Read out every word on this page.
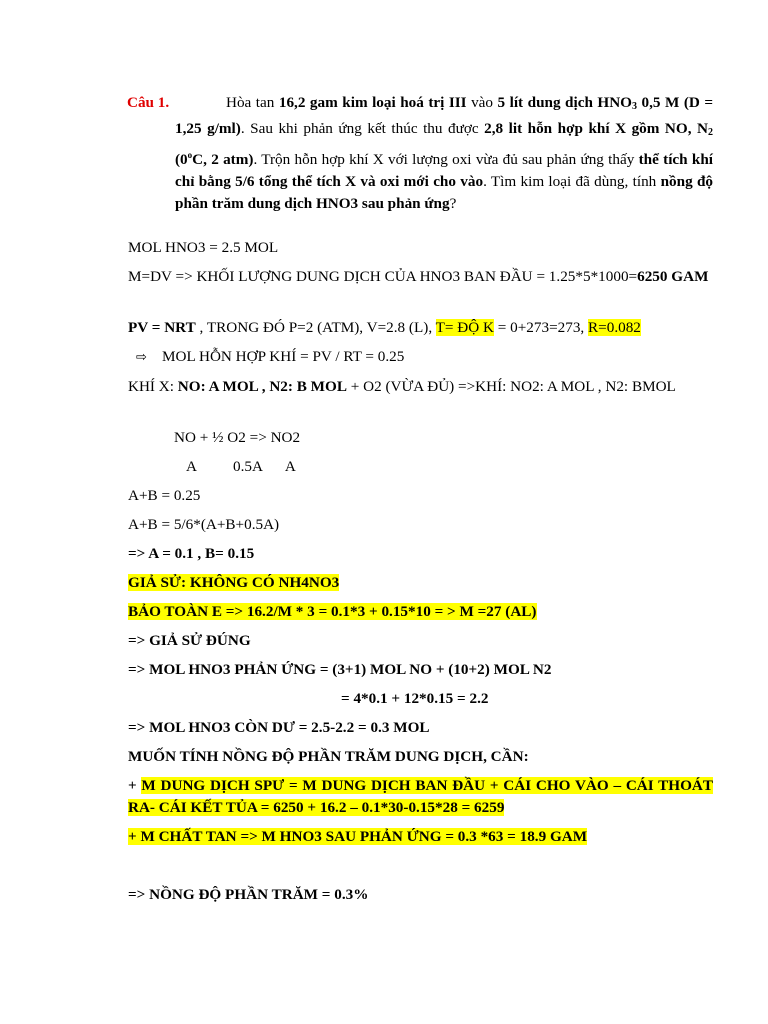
Câu 1.	Hòa tan 16,2 gam kim loại hoá trị III vào 5 lít dung dịch $HNO_3$ 0,5 M (D = 1,25 g/ml). Sau khi phản ứng kết thúc thu được 2,8 lit hỗn hợp khí X gồm NO, $N_2$ (0$^o$C, 2 atm). Trộn hỗn hợp khí X với lượng oxi vừa đủ sau phản ứng thấy thể tích khí chỉ bằng 5/6 tổng thể tích X và oxi mới cho vào. Tìm kim loại đã dùng, tính nồng độ phần trăm dung dịch HNO3 sau phản ứng?
MOL HNO3 = 2.5 MOL
M=DV => KHỐI LƯỢNG DUNG DỊCH CỦA HNO3 BAN ĐẦU = 1.25*5*1000=6250 GAM
PV = NRT , TRONG ĐÓ P=2 (ATM), V=2.8 (L), T= ĐỘ K = 0+273=273, R=0.082
⇨ MOL HỖN HỢP KHÍ = PV / RT = 0.25
KHÍ X: NO: A MOL , N2: B MOL + O2 (VỪA ĐỦ) =>KHÍ: NO2: A MOL , N2: BMOL
NO + ½ O2 => NO2
A 0.5A A
A+B = 0.25
A+B = 5/6*(A+B+0.5A)
=> A = 0.1 , B= 0.15
GIẢ SỬ: KHÔNG CÓ NH4NO3
BẢO TOÀN E => 16.2/M * 3 = 0.1*3 + 0.15*10 = > M =27 (AL)
=> GIẢ SỬ ĐÚNG
=> MOL HNO3 PHẢN ỨNG = (3+1) MOL NO + (10+2) MOL N2
= 4*0.1 + 12*0.15 = 2.2
=> MOL HNO3 CÒN DƯ = 2.5-2.2 = 0.3 MOL
MUỐN TÍNH NỒNG ĐỘ PHẦN TRĂM DUNG DỊCH, CẦN:
+ M DUNG DỊCH SPƯ = M DUNG DỊCH BAN ĐẦU + CÁI CHO VÀO – CÁI THOÁT RA- CÁI KẾT TỦA = 6250 + 16.2 – 0.1*30-0.15*28 = 6259
+ M CHẤT TAN => M HNO3 SAU PHẢN ỨNG = 0.3 *63 = 18.9 GAM
=> NỒNG ĐỘ PHẦN TRĂM = 0.3%
